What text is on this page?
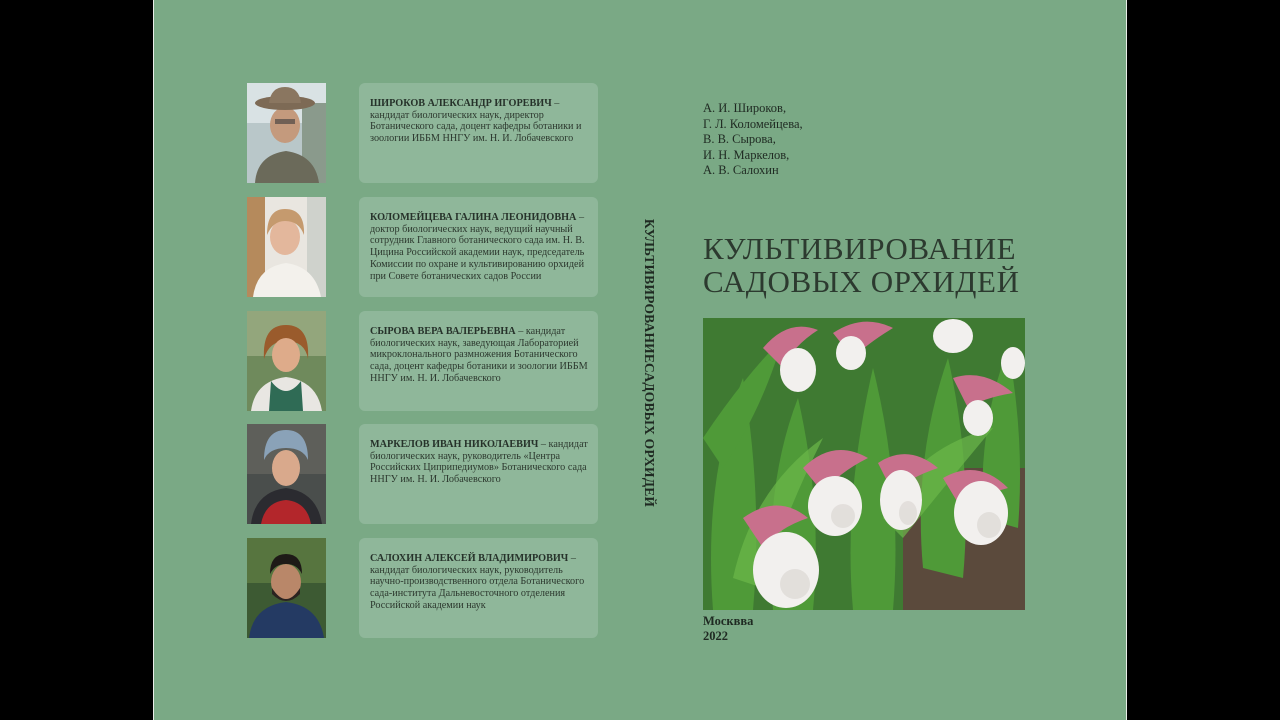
ШИРОКОВ АЛЕКСАНДР ИГОРЕВИЧ – кандидат биологических наук, директор Ботанического сада, доцент кафедры ботаники и зоологии ИББМ ННГУ им. Н. И. Лобачевского
КОЛОМЕЙЦЕВА ГАЛИНА ЛЕОНИДОВНА – доктор биологических наук, ведущий научный сотрудник Главного ботанического сада им. Н. В. Цицина Российской академии наук, председатель Комиссии по охране и культивированию орхидей при Совете ботанических садов России
СЫРОВА ВЕРА ВАЛЕРЬЕВНА – кандидат биологических наук, заведующая Лабораторией микроклонального размножения Ботанического сада, доцент кафедры ботаники и зоологии ИББМ ННГУ им. Н. И. Лобачевского
МАРКЕЛОВ ИВАН НИКОЛАЕВИЧ – кандидат биологических наук, руководитель «Центра Российских Циприпедиумов» Ботанического сада ННГУ им. Н. И. Лобачевского
САЛОХИН АЛЕКСЕЙ ВЛАДИМИРОВИЧ – кандидат биологических наук, руководитель научно-производственного отдела Ботанического сада-института Дальневосточного отделения Российской академии наук
КУЛЬТИВИРОВАНИЕСАДОВЫХ ОРХИДЕЙ
А. И. Широков,
Г. Л. Коломейцева,
В. В. Сырова,
И. Н. Маркелов,
А. В. Салохин
КУЛЬТИВИРОВАНИЕ
САДОВЫХ ОРХИДЕЙ
Москвва
2022
